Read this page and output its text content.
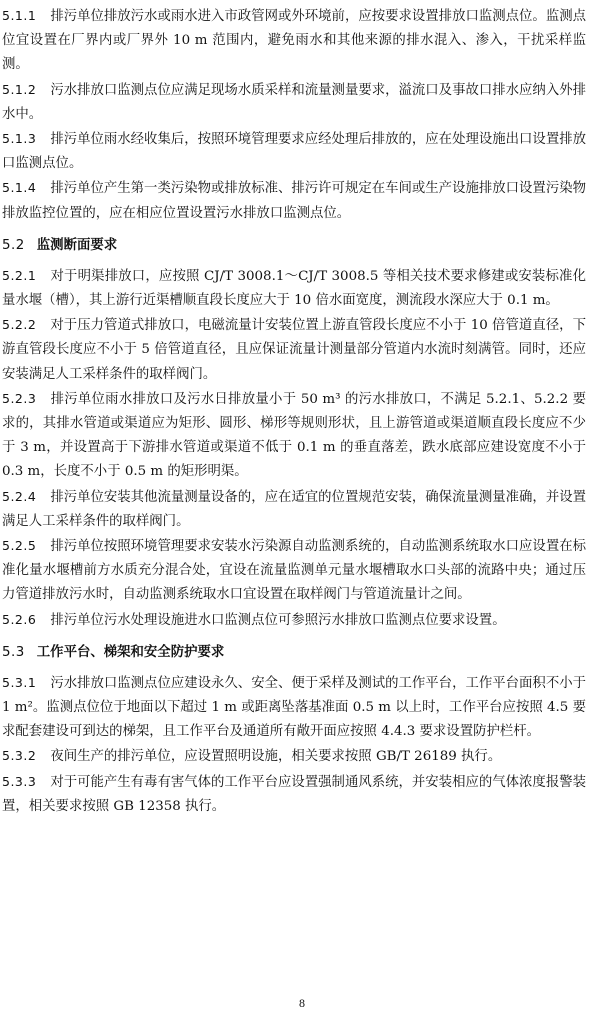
5.1.1 排污单位排放污水或雨水进入市政管网或外环境前，应按要求设置排放口监测点位。监测点位宜设置在厂界内或厂界外 10 m 范围内，避免雨水和其他来源的排水混入、渗入，干扰采样监测。

5.1.2 污水排放口监测点位应满足现场水质采样和流量测量要求，溢流口及事故口排水应纳入外排水中。

5.1.3 排污单位雨水经收集后，按照环境管理要求应经处理后排放的，应在处理设施出口设置排放口监测点位。

5.1.4 排污单位产生第一类污染物或排放标准、排污许可规定在车间或生产设施排放口设置污染物排放监控位置的，应在相应位置设置污水排放口监测点位。

5.2 监测断面要求

5.2.1 对于明渠排放口，应按照 CJ/T 3008.1～CJ/T 3008.5 等相关技术要求修建或安装标准化量水堰（槽），其上游行近渠槽顺直段长度应大于 10 倍水面宽度，测流段水深应大于 0.1 m。

5.2.2 对于压力管道式排放口，电磁流量计安装位置上游直管段长度应不小于 10 倍管道直径，下游直管段长度应不小于 5 倍管道直径，且应保证流量计测量部分管道内水流时刻满管。同时，还应安装满足人工采样条件的取样阀门。

5.2.3 排污单位雨水排放口及污水日排放量小于 50 m³ 的污水排放口，不满足 5.2.1、5.2.2 要求的，其排水管道或渠道应为矩形、圆形、梯形等规则形状，且上游管道或渠道顺直段长度应不少于 3 m，并设置高于下游排水管道或渠道不低于 0.1 m 的垂直落差，跌水底部应建设宽度不小于 0.3 m，长度不小于 0.5 m 的矩形明渠。

5.2.4 排污单位安装其他流量测量设备的，应在适宜的位置规范安装，确保流量测量准确，并设置满足人工采样条件的取样阀门。

5.2.5 排污单位按照环境管理要求安装水污染源自动监测系统的，自动监测系统取水口应设置在标准化量水堰槽前方水质充分混合处，宜设在流量监测单元量水堰槽取水口头部的流路中央；通过压力管道排放污水时，自动监测系统取水口宜设置在取样阀门与管道流量计之间。

5.2.6 排污单位污水处理设施进水口监测点位可参照污水排放口监测点位要求设置。

5.3 工作平台、梯架和安全防护要求

5.3.1 污水排放口监测点位应建设永久、安全、便于采样及测试的工作平台，工作平台面积不小于 1 m²。监测点位位于地面以下超过 1 m 或距离坠落基准面 0.5 m 以上时，工作平台应按照 4.5 要求配套建设可到达的梯架，且工作平台及通道所有敞开面应按照 4.4.3 要求设置防护栏杆。

5.3.2 夜间生产的排污单位，应设置照明设施，相关要求按照 GB/T 26189 执行。

5.3.3 对于可能产生有毒有害气体的工作平台应设置强制通风系统，并安装相应的气体浓度报警装置，相关要求按照 GB 12358 执行。

8
